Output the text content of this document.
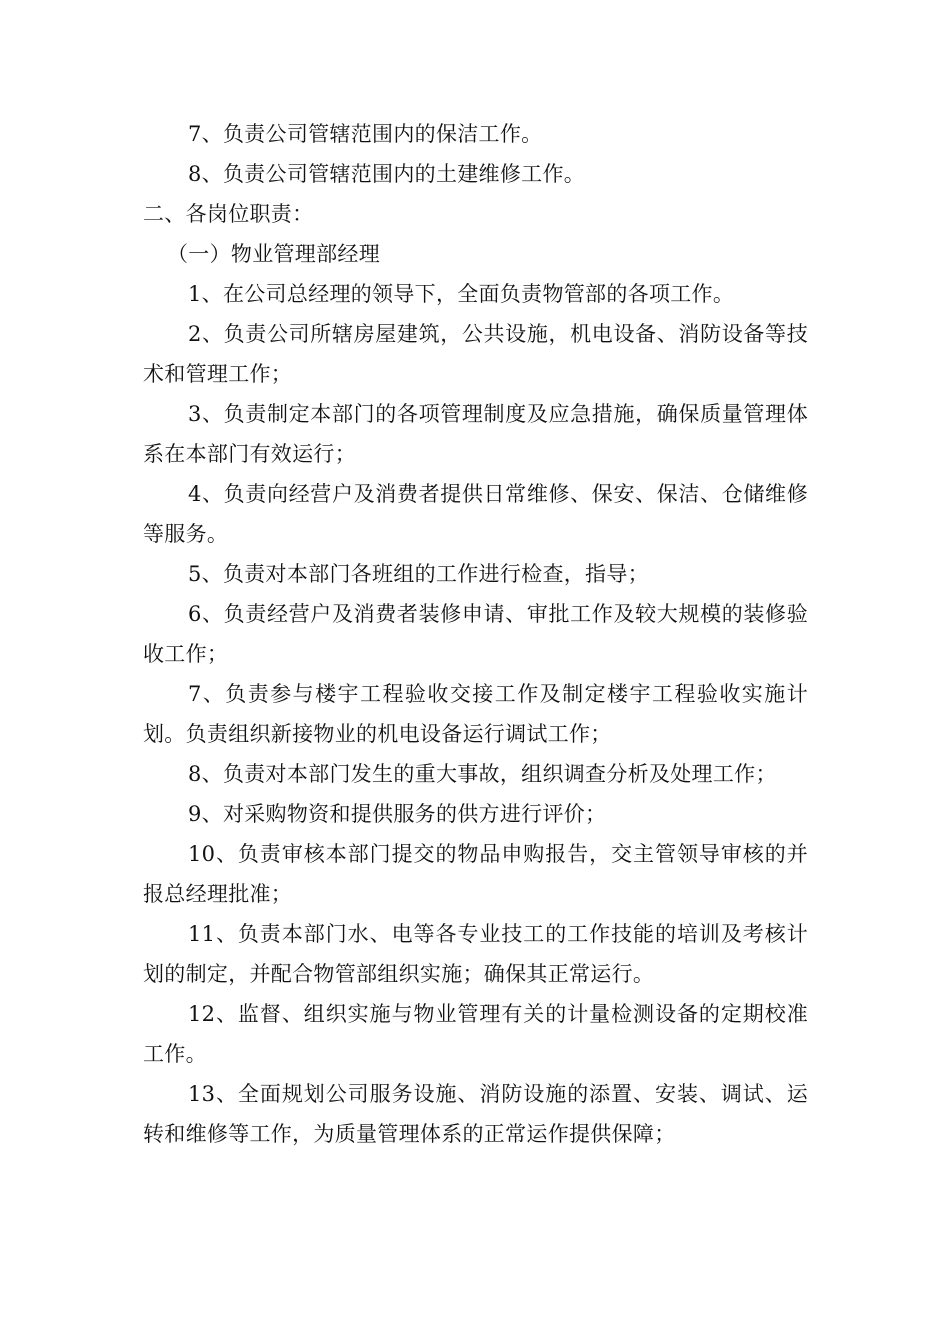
7、负责公司管辖范围内的保洁工作。

8、负责公司管辖范围内的土建维修工作。

二、各岗位职责：

（一）物业管理部经理

1、在公司总经理的领导下，全面负责物管部的各项工作。

2、负责公司所辖房屋建筑，公共设施，机电设备、消防设备等技术和管理工作；

3、负责制定本部门的各项管理制度及应急措施，确保质量管理体系在本部门有效运行；

4、负责向经营户及消费者提供日常维修、保安、保洁、仓储维修等服务。

5、负责对本部门各班组的工作进行检查，指导；

6、负责经营户及消费者装修申请、审批工作及较大规模的装修验收工作；

7、负责参与楼宇工程验收交接工作及制定楼宇工程验收实施计划。负责组织新接物业的机电设备运行调试工作；

8、负责对本部门发生的重大事故，组织调查分析及处理工作；

9、对采购物资和提供服务的供方进行评价；

10、负责审核本部门提交的物品申购报告，交主管领导审核的并报总经理批准；

11、负责本部门水、电等各专业技工的工作技能的培训及考核计划的制定，并配合物管部组织实施；确保其正常运行。

12、监督、组织实施与物业管理有关的计量检测设备的定期校准工作。

13、全面规划公司服务设施、消防设施的添置、安装、调试、运转和维修等工作，为质量管理体系的正常运作提供保障；
